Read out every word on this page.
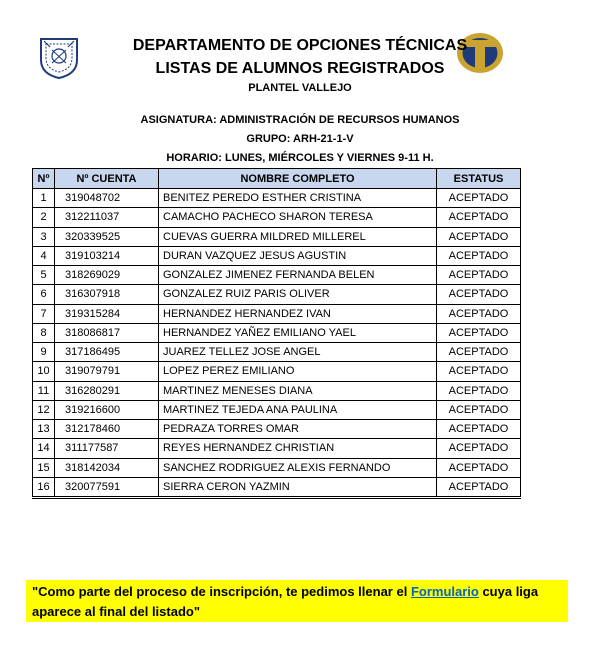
DEPARTAMENTO DE OPCIONES TÉCNICAS
LISTAS DE ALUMNOS REGISTRADOS
PLANTEL VALLEJO
ASIGNATURA: ADMINISTRACIÓN DE RECURSOS HUMANOS
GRUPO: ARH-21-1-V
HORARIO: LUNES, MIÉRCOLES Y VIERNES 9-11 H.
Nº	Nº CUENTA	NOMBRE COMPLETO	ESTATUS
1	319048702	BENITEZ PEREDO ESTHER CRISTINA	ACEPTADO
2	312211037	CAMACHO PACHECO SHARON TERESA	ACEPTADO
3	320339525	CUEVAS GUERRA MILDRED MILLEREL	ACEPTADO
4	319103214	DURAN VAZQUEZ JESUS AGUSTIN	ACEPTADO
5	318269029	GONZALEZ JIMENEZ FERNANDA BELEN	ACEPTADO
6	316307918	GONZALEZ RUIZ PARIS OLIVER	ACEPTADO
7	319315284	HERNANDEZ HERNANDEZ IVAN	ACEPTADO
8	318086817	HERNANDEZ YAÑEZ EMILIANO YAEL	ACEPTADO
9	317186495	JUAREZ TELLEZ JOSE ANGEL	ACEPTADO
10	319079791	LOPEZ PEREZ EMILIANO	ACEPTADO
11	316280291	MARTINEZ MENESES DIANA	ACEPTADO
12	319216600	MARTINEZ TEJEDA ANA PAULINA	ACEPTADO
13	312178460	PEDRAZA TORRES OMAR	ACEPTADO
14	311177587	REYES HERNANDEZ CHRISTIAN	ACEPTADO
15	318142034	SANCHEZ RODRIGUEZ ALEXIS FERNANDO	ACEPTADO
16	320077591	SIERRA CERON YAZMIN	ACEPTADO
"Como parte del proceso de inscripción, te pedimos llenar el Formulario cuya liga aparece al final del listado"
